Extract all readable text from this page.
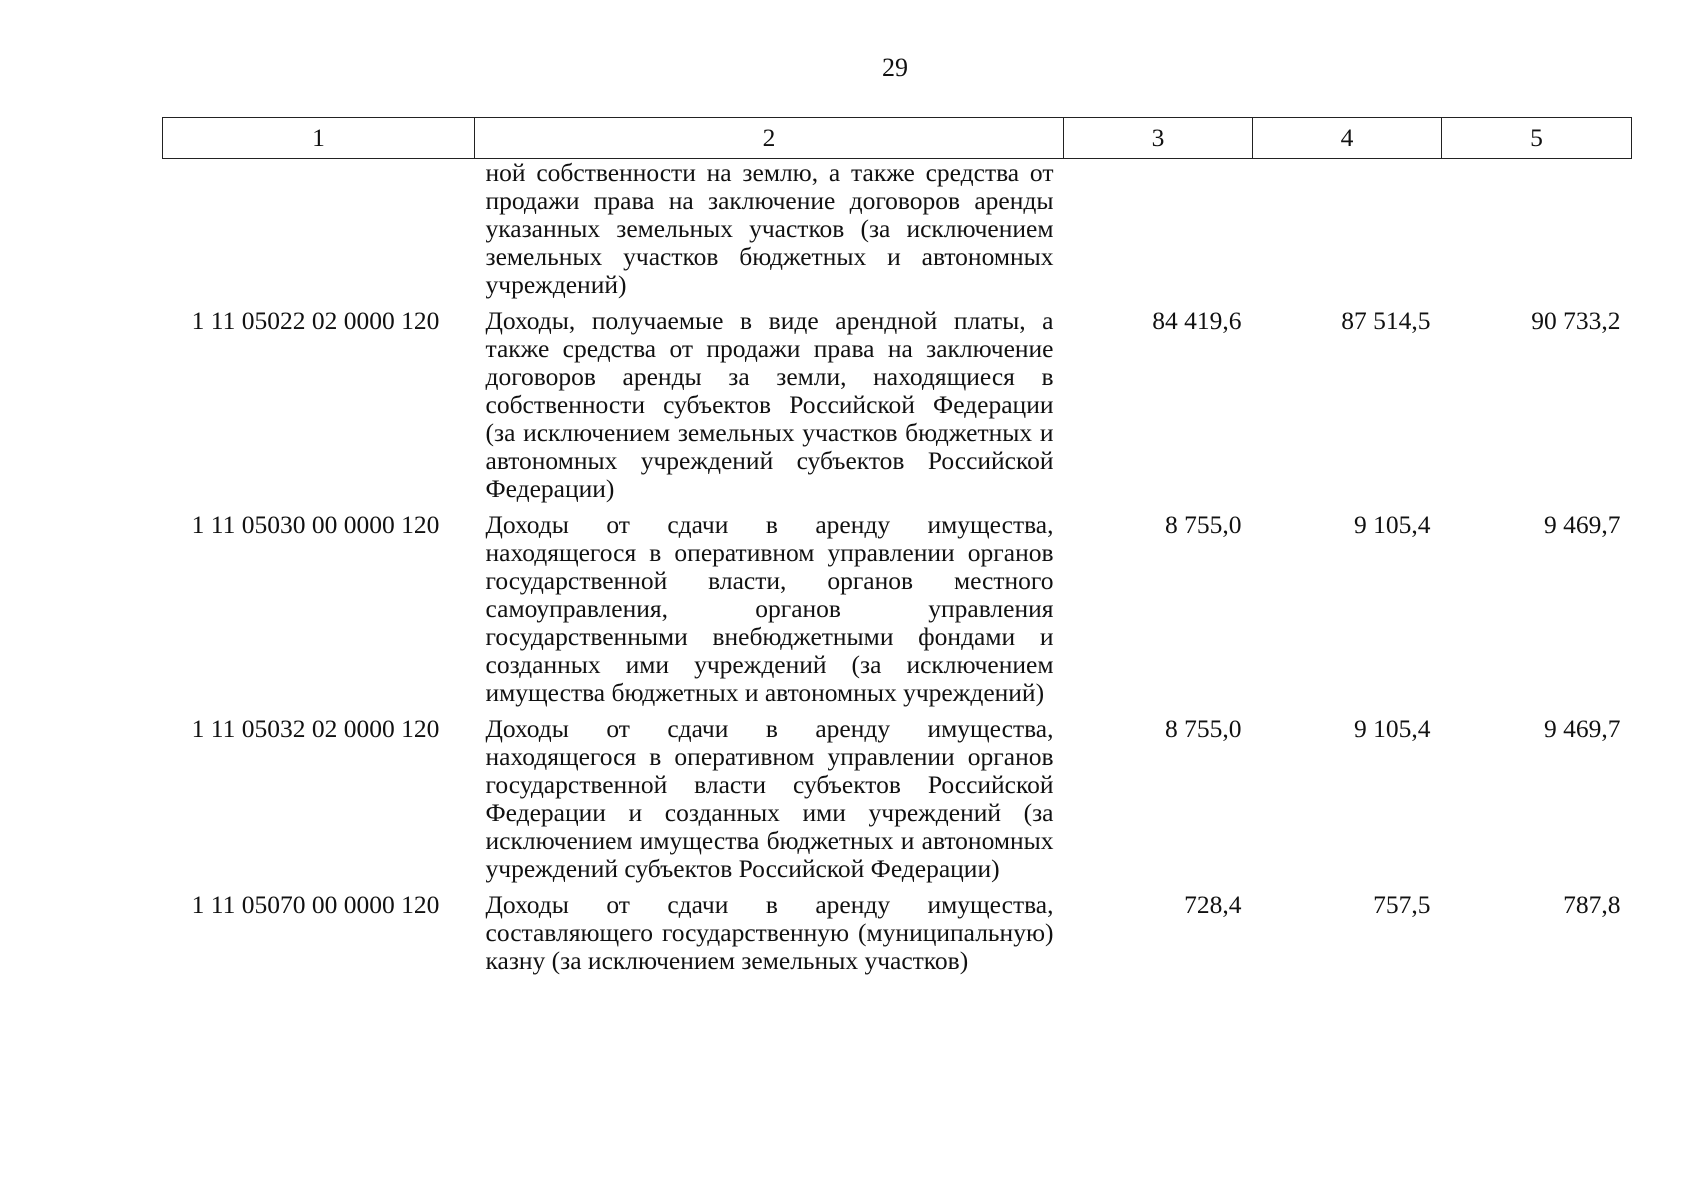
29
1	2	3	4	5
	ной собственности на землю, а также средства от продажи права на заключение договоров аренды указанных земельных участков (за исключением земельных участков бюджетных и автономных учреждений)			
1 11 05022 02 0000 120	Доходы, получаемые в виде арендной платы, а также средства от продажи права на заключение договоров аренды за земли, находящиеся в собственности субъектов Российской Федерации (за исключением земельных участков бюджетных и автономных учреждений субъектов Российской Федерации)	84 419,6	87 514,5	90 733,2
1 11 05030 00 0000 120	Доходы от сдачи в аренду имущества, находящегося в оперативном управлении органов государственной власти, органов местного самоуправления, органов управления государственными внебюджетными фондами и созданных ими учреждений (за исключением имущества бюджетных и автономных учреждений)	8 755,0	9 105,4	9 469,7
1 11 05032 02 0000 120	Доходы от сдачи в аренду имущества, находящегося в оперативном управлении органов государственной власти субъектов Российской Федерации и созданных ими учреждений (за исключением имущества бюджетных и автономных учреждений субъектов Российской Федерации)	8 755,0	9 105,4	9 469,7
1 11 05070 00 0000 120	Доходы от сдачи в аренду имущества, составляющего государственную (муниципальную) казну (за исключением земельных участков)	728,4	757,5	787,8
